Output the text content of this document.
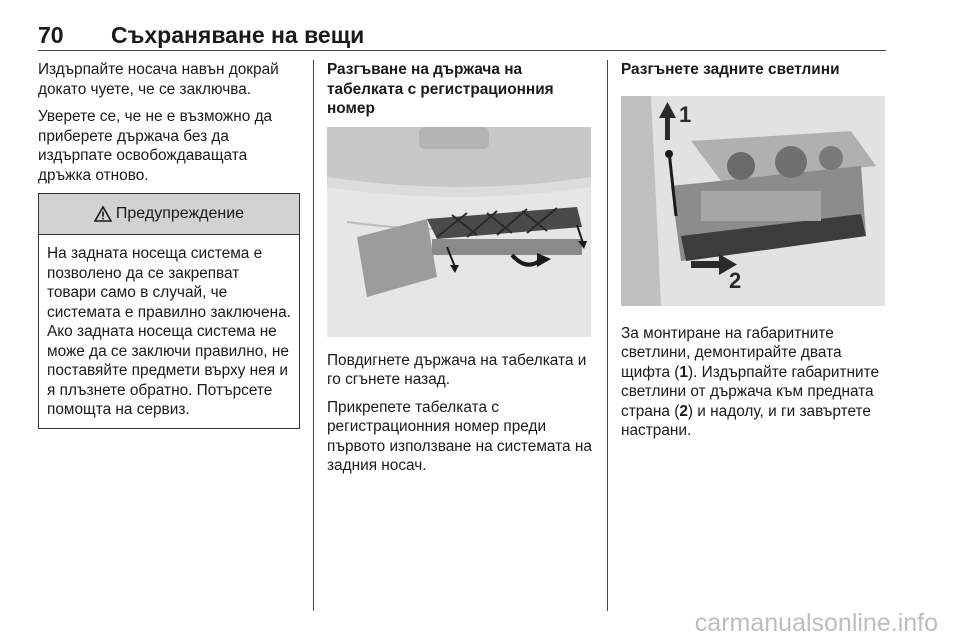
70 Съхраняване на вещи

Издърпайте носача навън докрай докато чуете, че се заключва.

Уверете се, че не е възможно да приберете държача без да издърпате освобождаващата дръжка отново.

Предупреждение

На задната носеща система е позволено да се закрепват товари само в случай, че системата е правилно заключена. Ако задната носеща система не може да се заключи правилно, не поставяйте предмети върху нея и я плъзнете обратно. Потърсете помощта на сервиз.

Разгъване на държача на табелката с регистрационния номер

Повдигнете държача на табелката и го сгънете назад.

Прикрепете табелката с регистрационния номер преди първото използване на системата на задния носач.

Разгънете задните светлини
1
2

За монтиране на габаритните светлини, демонтирайте двата щифта (1). Издърпайте габаритните светлини от държача към предната страна (2) и надолу, и ги завъртете настрани.

carmanualsonline.info
